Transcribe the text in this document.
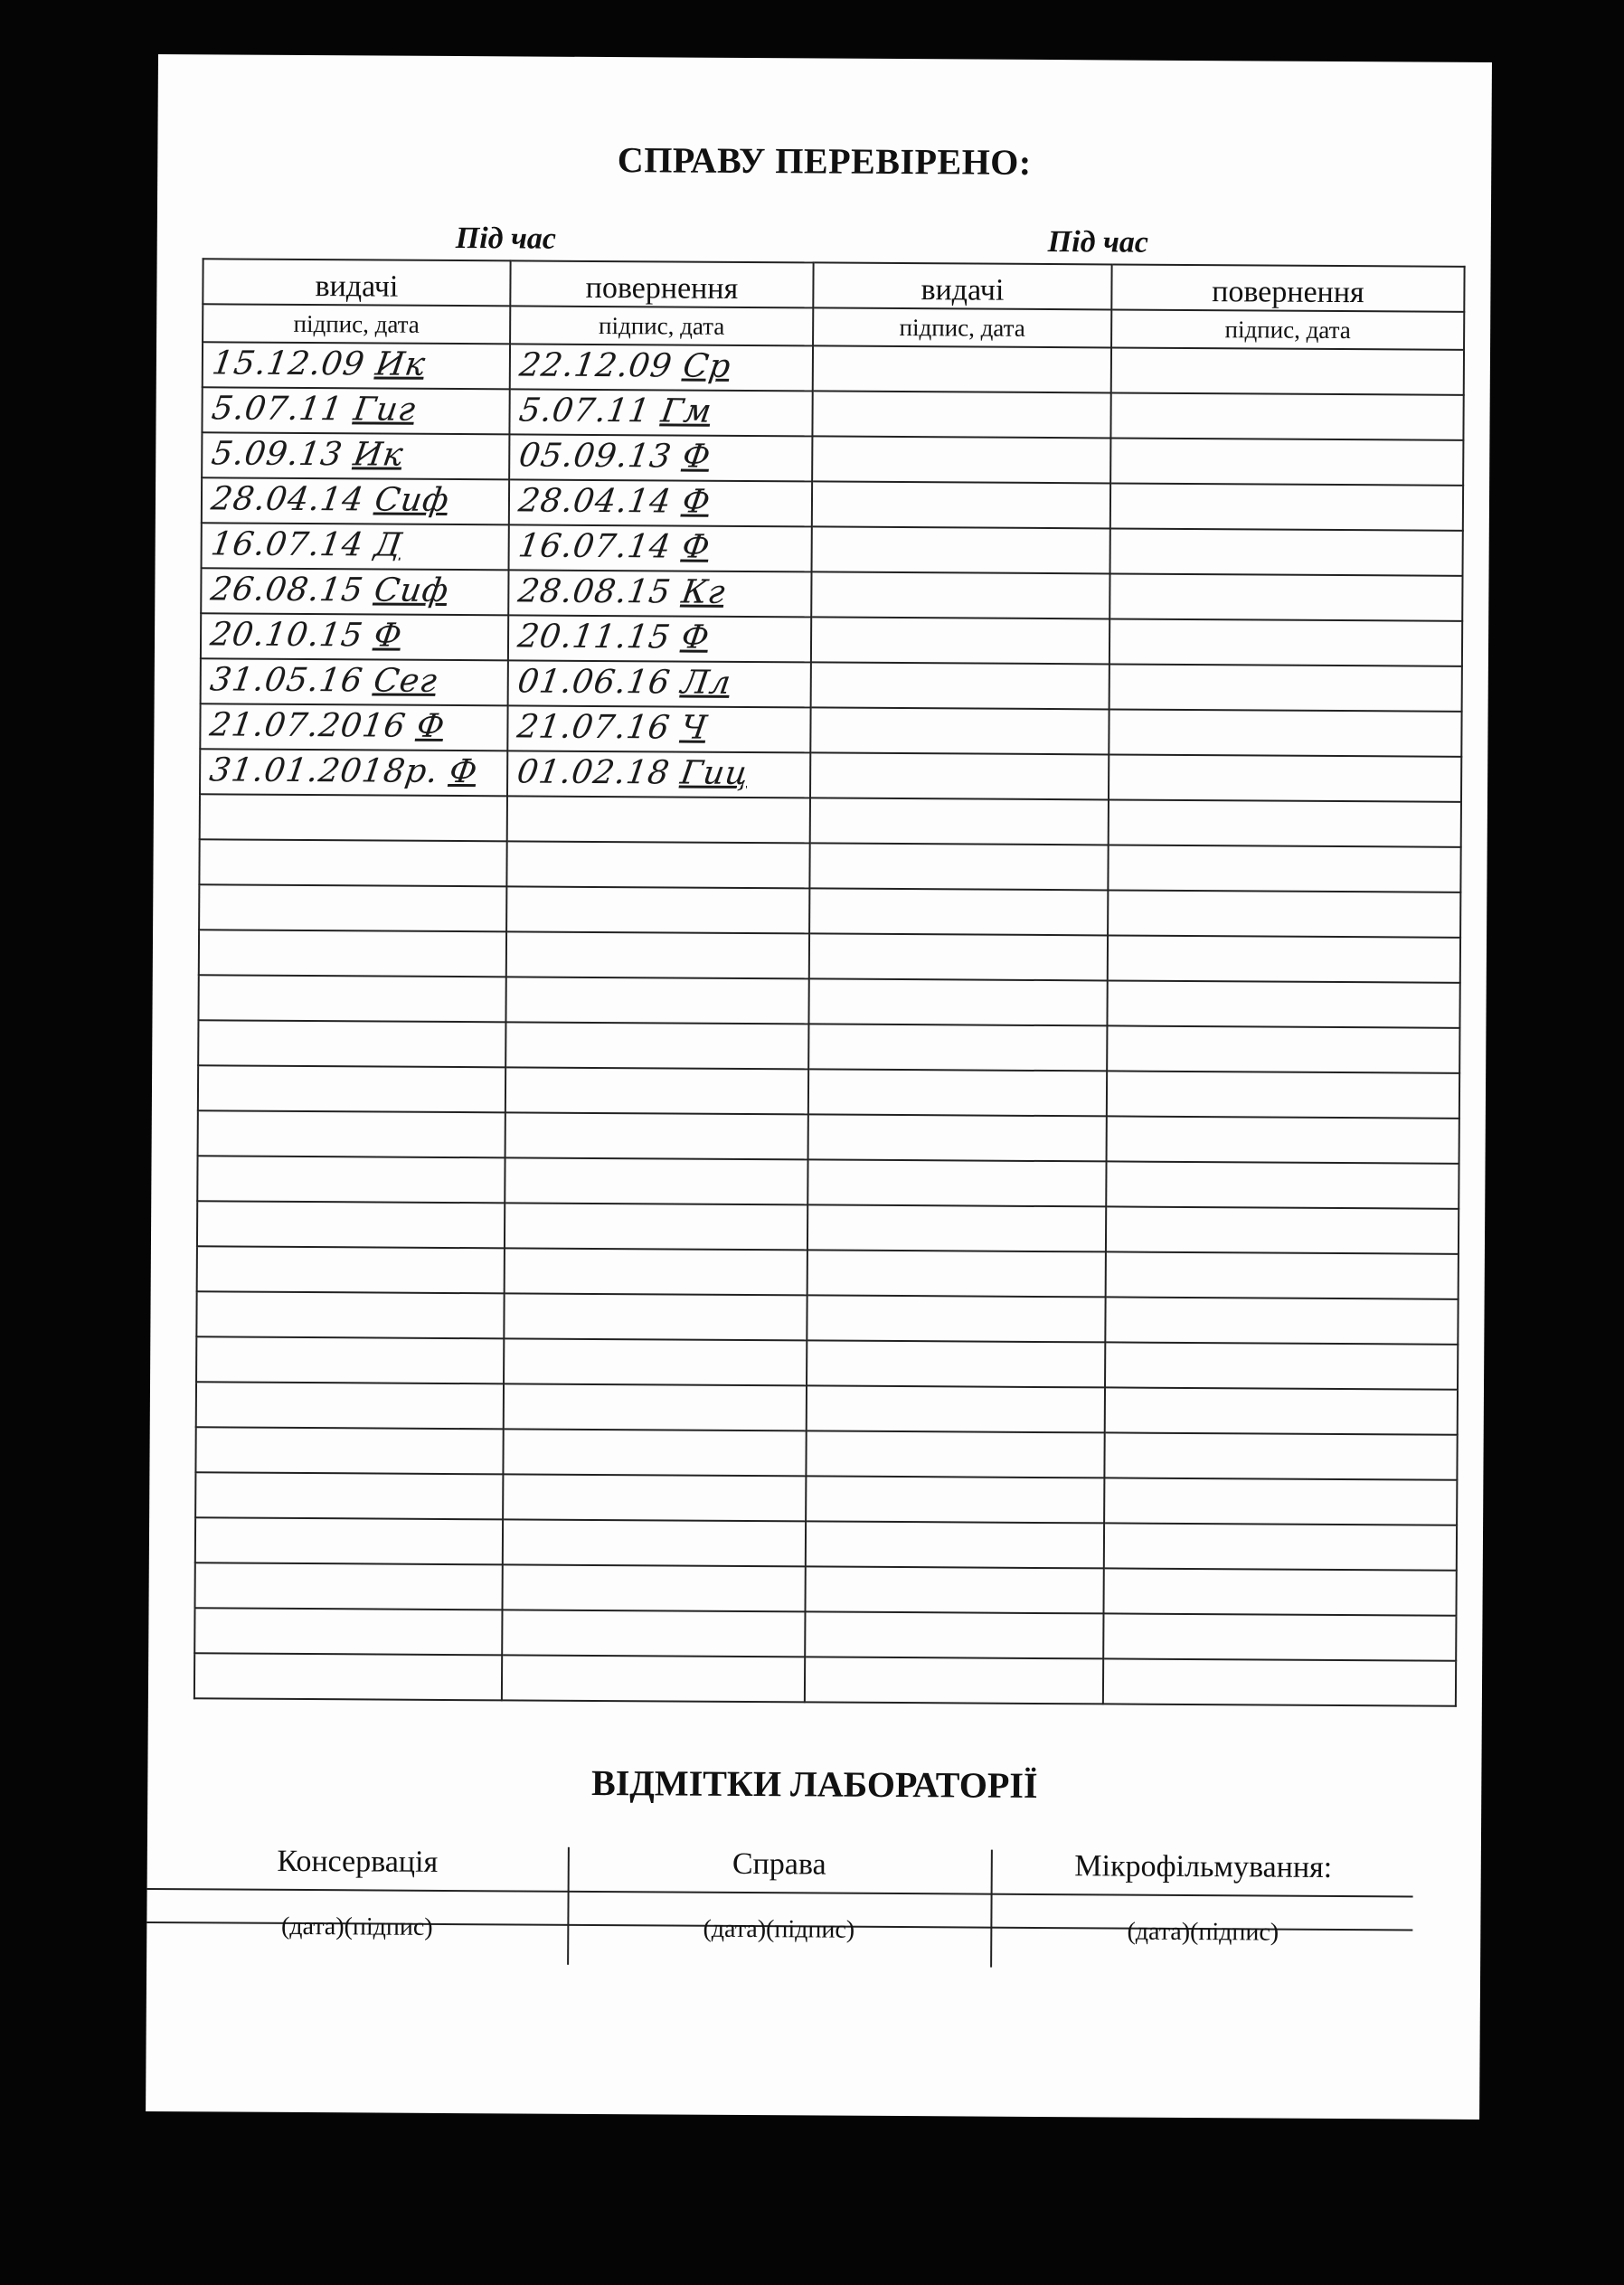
СПРАВУ ПЕРЕВІРЕНО:
Під час	Під час
видачі	повернення	видачі	повернення
підпис, дата	підпис, дата	підпис, дата	підпис, дата

15.12.09 Ик	22.12.09 Ср		

5.07.11 Гиг	5.07.11 Гм		

5.09.13 Ик	05.09.13 Ф		

28.04.14 Сиф	28.04.14 Ф		

16.07.14 Д	16.07.14 Ф		

26.08.15 Сиф	28.08.15 Кг		

20.10.15 Ф	20.11.15 Ф		

31.05.16 Сег	01.06.16 Лл		

21.07.2016 Ф	21.07.16 Ч		

31.01.2018р. Ф	01.02.18 Гиц		

ВІДМІТКИ ЛАБОРАТОРІЇ
Консервація
(дата)(підпис)
Справа
(дата)(підпис)
Мікрофільмування:
(дата)(підпис)
